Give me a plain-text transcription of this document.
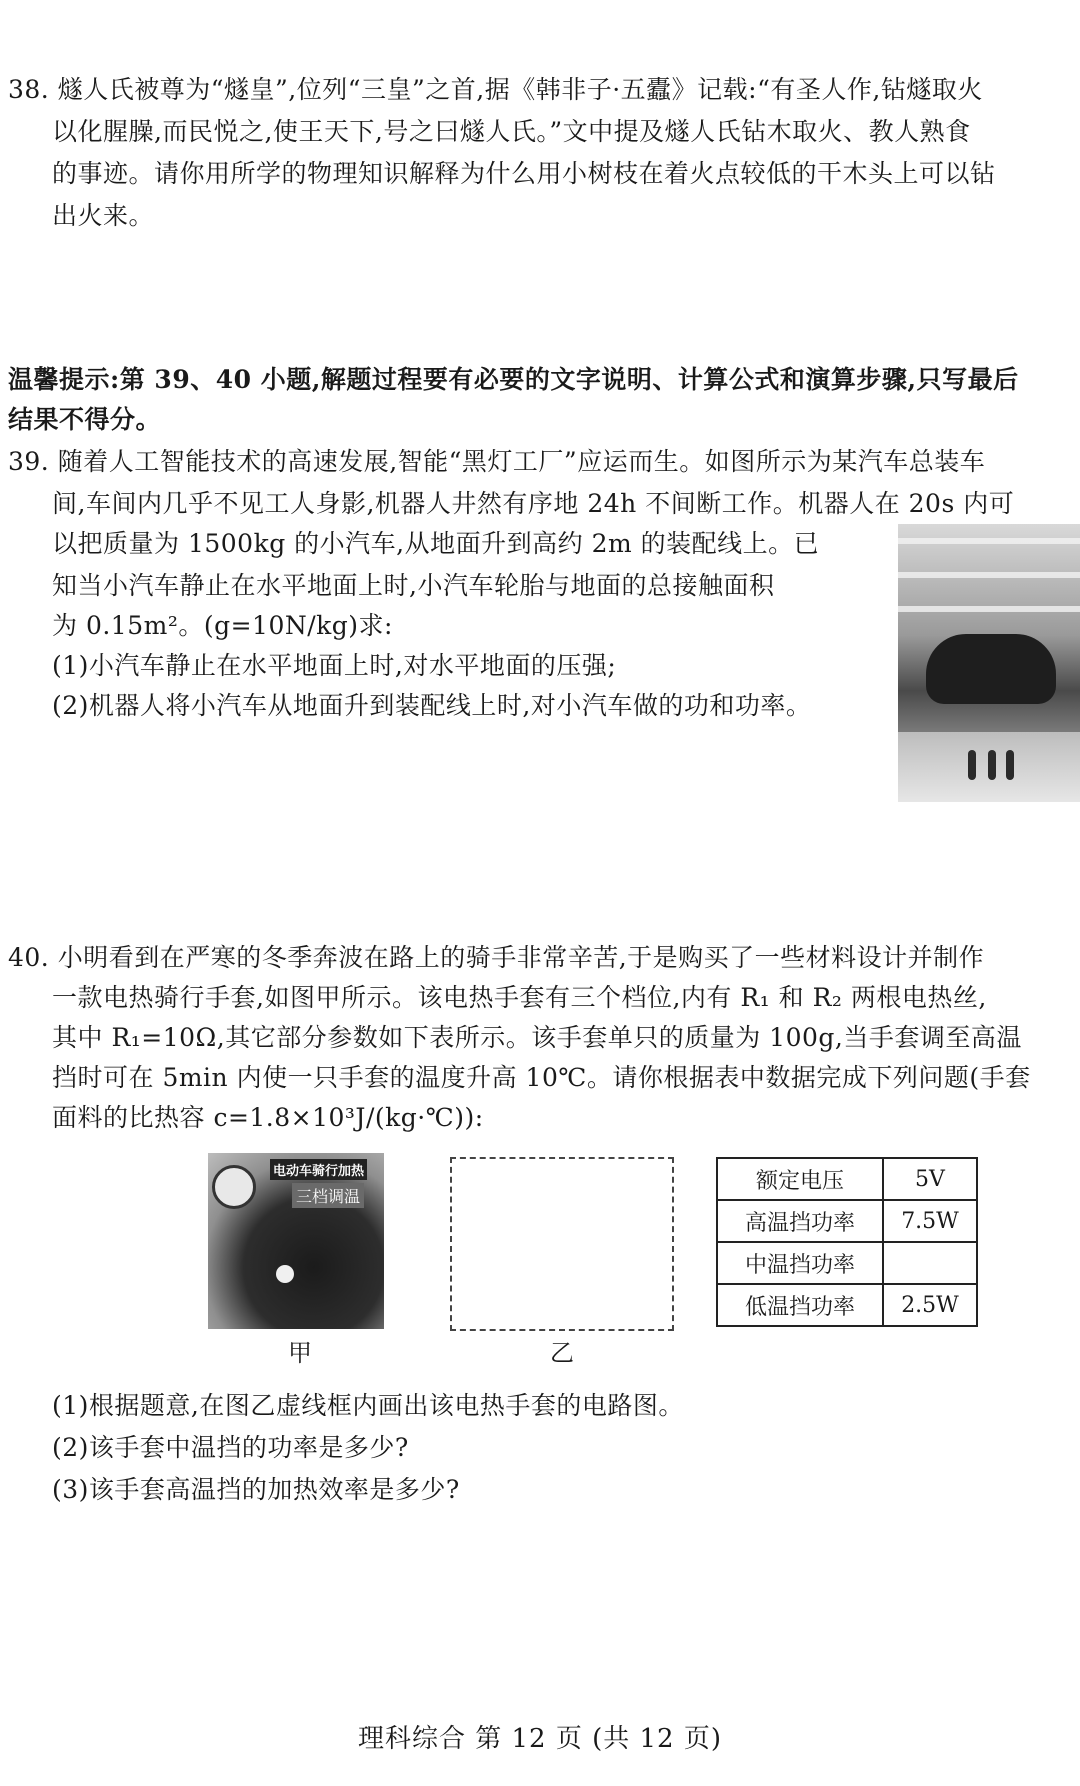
38. 燧人氏被尊为“燧皇”,位列“三皇”之首,据《韩非子·五蠹》记载:“有圣人作,钻燧取火
以化腥臊,而民悦之,使王天下,号之曰燧人氏。”文中提及燧人氏钻木取火、教人熟食
的事迹。请你用所学的物理知识解释为什么用小树枝在着火点较低的干木头上可以钻
出火来。
温馨提示:第 39、40 小题,解题过程要有必要的文字说明、计算公式和演算步骤,只写最后
结果不得分。
39. 随着人工智能技术的高速发展,智能“黑灯工厂”应运而生。如图所示为某汽车总装车
间,车间内几乎不见工人身影,机器人井然有序地 24h 不间断工作。机器人在 20s 内可
以把质量为 1500kg 的小汽车,从地面升到高约 2m 的装配线上。已
知当小汽车静止在水平地面上时,小汽车轮胎与地面的总接触面积
为 0.15m²。(g=10N/kg)求:
(1)小汽车静止在水平地面上时,对水平地面的压强;
(2)机器人将小汽车从地面升到装配线上时,对小汽车做的功和功率。
40. 小明看到在严寒的冬季奔波在路上的骑手非常辛苦,于是购买了一些材料设计并制作
一款电热骑行手套,如图甲所示。该电热手套有三个档位,内有 R₁ 和 R₂ 两根电热丝,
其中 R₁=10Ω,其它部分参数如下表所示。该手套单只的质量为 100g,当手套调至高温
挡时可在 5min 内使一只手套的温度升高 10℃。请你根据表中数据完成下列问题(手套
面料的比热容 c=1.8×10³J/(kg·℃)):
电动车骑行加热
三档调温
甲	乙
额定电压	5V
高温挡功率	7.5W
中温挡功率	
低温挡功率	2.5W
(1)根据题意,在图乙虚线框内画出该电热手套的电路图。
(2)该手套中温挡的功率是多少?
(3)该手套高温挡的加热效率是多少?
理科综合 第 12 页 (共 12 页)
